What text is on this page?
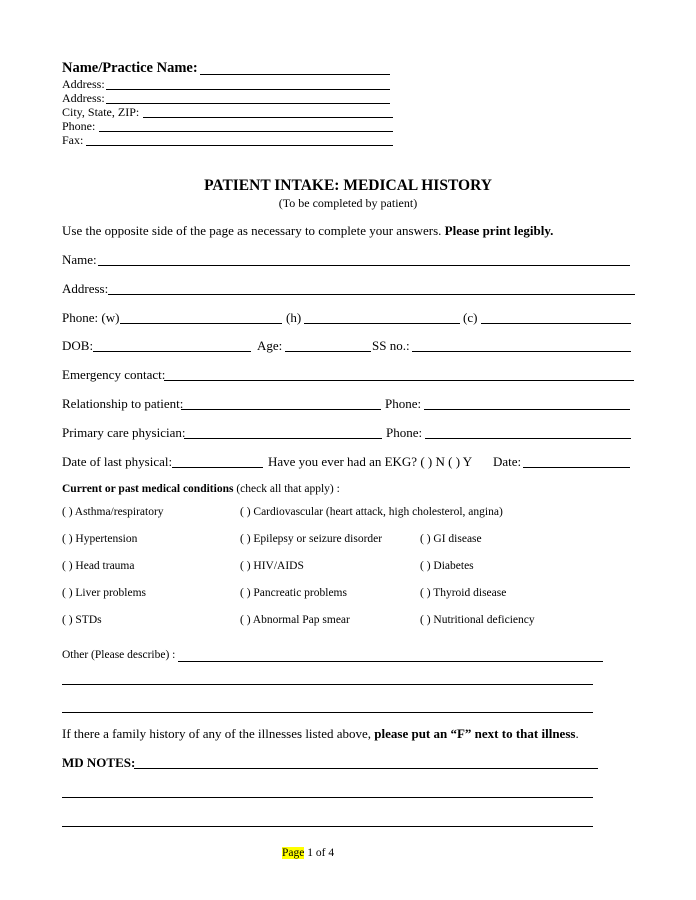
Name/Practice Name:
Address:
Address:
City, State, ZIP:
Phone:
Fax:
PATIENT INTAKE: MEDICAL HISTORY
(To be completed by patient)
Use the opposite side of the page as necessary to complete your answers. Please print legibly.
Name:
Address:
Phone: (w)	(h)	(c)
DOB:	Age:	SS no.:
Emergency contact:
Relationship to patient:	Phone:
Primary care physician:	Phone:
Date of last physical:	Have you ever had an EKG? ( ) N ( ) Y Date:
Current or past medical conditions (check all that apply) :
( ) Asthma/respiratory	( ) Cardiovascular (heart attack, high cholesterol, angina)
( ) Hypertension	( ) Epilepsy or seizure disorder	( ) GI disease
( ) Head trauma	( ) HIV/AIDS	( ) Diabetes
( ) Liver problems	( ) Pancreatic problems	( ) Thyroid disease
( ) STDs	( ) Abnormal Pap smear	( ) Nutritional deficiency
Other (Please describe) :
If there a family history of any of the illnesses listed above, please put an “F” next to that illness.
MD NOTES:
Page 1 of 4
